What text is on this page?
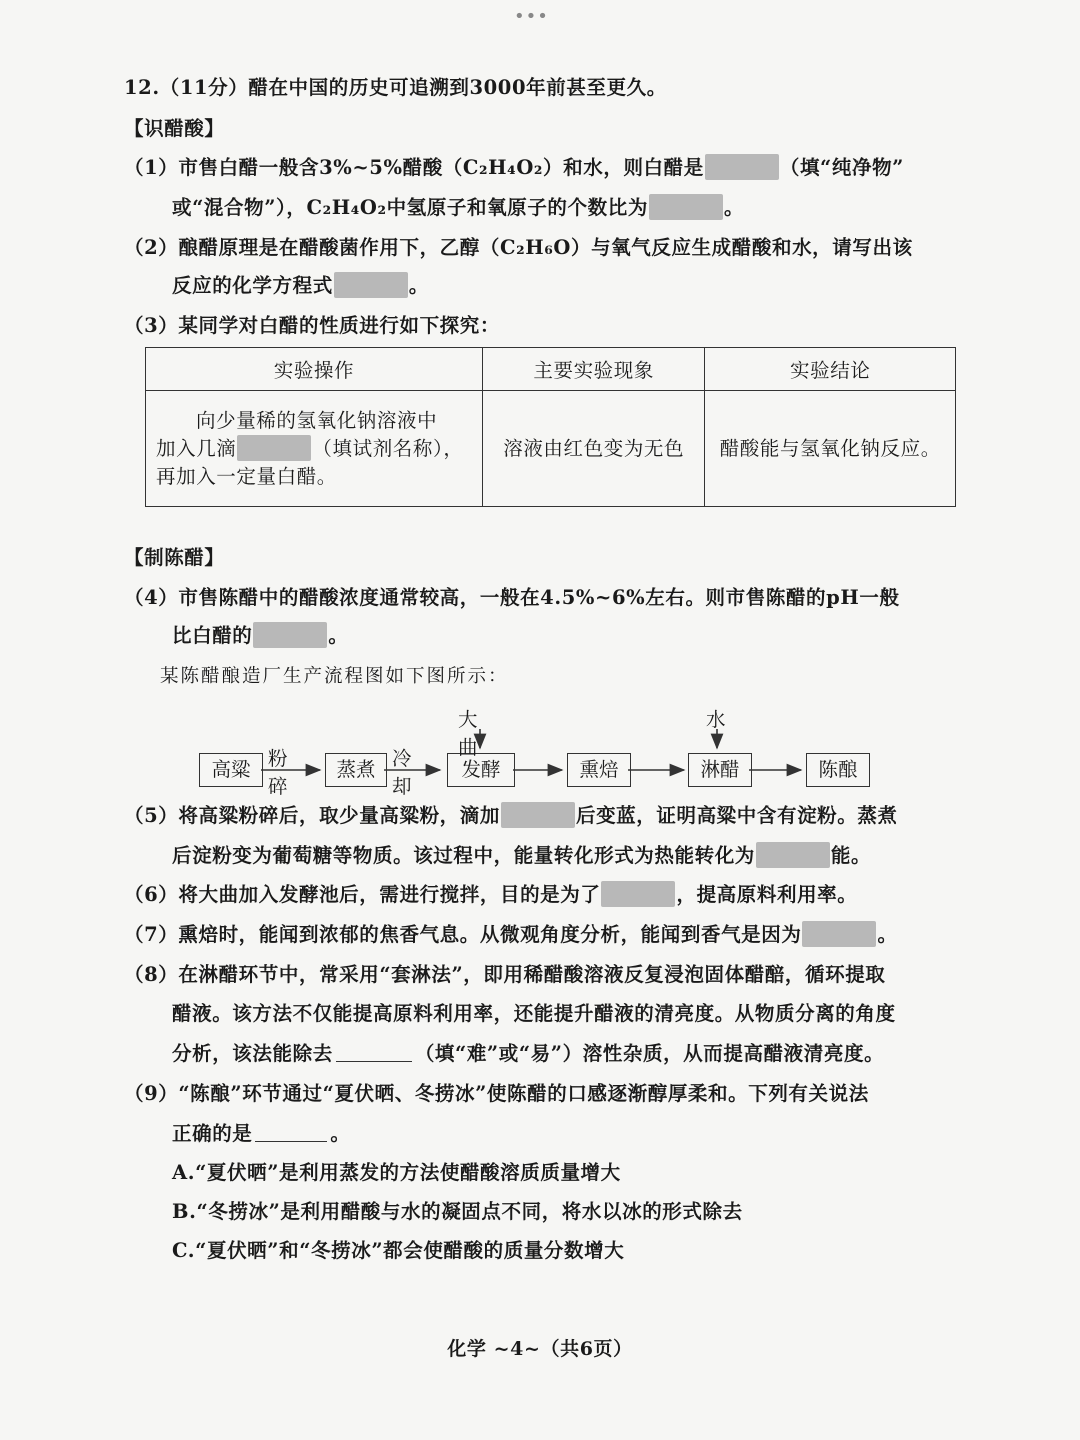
•••
12.（11分）醋在中国的历史可追溯到3000年前甚至更久。
【识醋酸】
（1）市售白醋一般含3%~5%醋酸（C₂H₄O₂）和水，则白醋是	（填“纯净物”
或“混合物”），C₂H₄O₂中氢原子和氧原子的个数比为	。
（2）酿醋原理是在醋酸菌作用下，乙醇（C₂H₆O）与氧气反应生成醋酸和水，请写出该
反应的化学方程式	。
（3）某同学对白醋的性质进行如下探究：
实验操作	主要实验现象	实验结论

向少量稀的氢氧化钠溶液中
加入几滴 （填试剂名称），
再加入一定量白醋。	溶液由红色变为无色	醋酸能与氢氧化钠反应。
【制陈醋】
（4）市售陈醋中的醋酸浓度通常较高，一般在4.5%~6%左右。则市售陈醋的pH一般
比白醋的	。
某陈醋酿造厂生产流程图如下图所示：
高粱	蒸煮	发酵	熏焙	淋醋	陈酿
粉碎
冷却
大曲
水
（5）将高粱粉碎后，取少量高粱粉，滴加	后变蓝，证明高粱中含有淀粉。蒸煮
后淀粉变为葡萄糖等物质。该过程中，能量转化形式为热能转化为	能。
（6）将大曲加入发酵池后，需进行搅拌，目的是为了	，提高原料利用率。
（7）熏焙时，能闻到浓郁的焦香气息。从微观角度分析，能闻到香气是因为	。
（8）在淋醋环节中，常采用“套淋法”，即用稀醋酸溶液反复浸泡固体醋醅，循环提取
醋液。该方法不仅能提高原料利用率，还能提升醋液的清亮度。从物质分离的角度
分析，该法能除去	（填“难”或“易”）溶性杂质，从而提高醋液清亮度。
（9）“陈酿”环节通过“夏伏晒、冬捞冰”使陈醋的口感逐渐醇厚柔和。下列有关说法
正确的是	。
A.“夏伏晒”是利用蒸发的方法使醋酸溶质质量增大
B.“冬捞冰”是利用醋酸与水的凝固点不同，将水以冰的形式除去
C.“夏伏晒”和“冬捞冰”都会使醋酸的质量分数增大
化学 ~4~（共6页）
